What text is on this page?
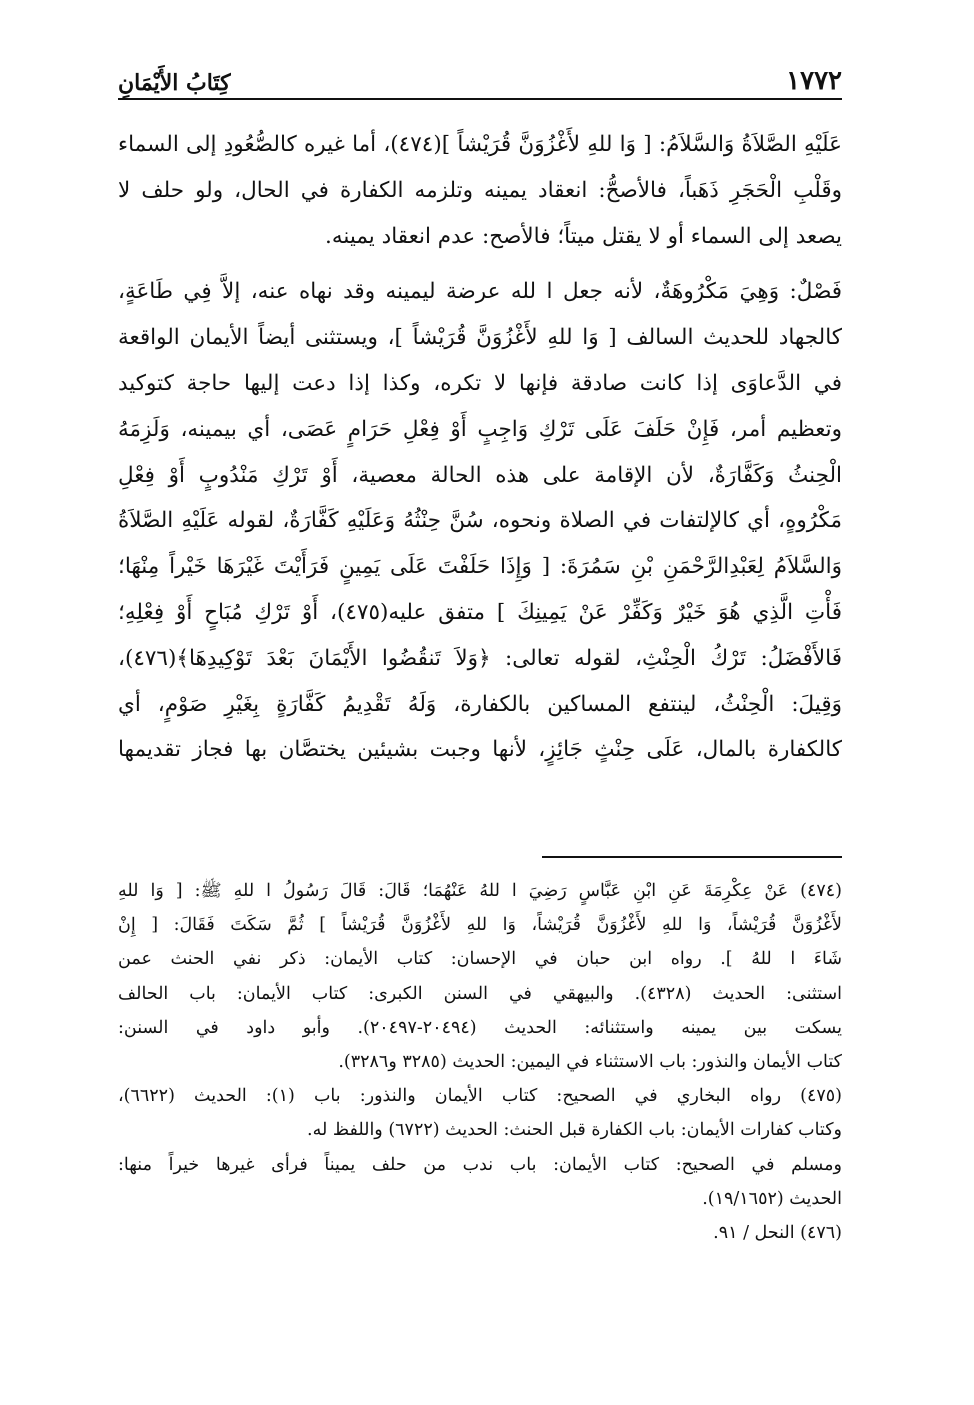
١٧٧٢
كِتَابُ الأَيْمَانِ

عَلَيْهِ الصَّلاَةُ وَالسَّلاَمُ: [ وَا للهِ لأَغْزُوَنَّ قُرَيْشاً ](٤٧٤)، أما غيره كالصُّعُودِ إلى السماء
وقَلْبِ الْحَجَرِ ذَهَباً، فالأصحُّ: انعقاد يمينه وتلزمه الكفارة في الحال، ولو حلف لا
يصعد إلى السماء أو لا يقتل ميتاً؛ فالأصح: عدم انعقاد يمينه.

فَصْلٌ: وَهِيَ مَكْرُوهَةٌ، لأنه جعل ا لله عرضة ليمينه وقد نهاه عنه، إلاَّ فِي طَاعَةٍ،
كالجهاد للحديث السالف [ وَا للهِ لأَغْزُوَنَّ قُرَيْشاً ]، ويستثنى أيضاً الأيمان الواقعة
في الدَّعاوَى إذا كانت صادقة فإنها لا تكره، وكذا إذا دعت إليها حاجة كتوكيد
وتعظيم أمر، فَإِنْ حَلَفَ عَلَى تَرْكِ وَاجِبٍ أَوْ فِعْلِ حَرَامٍ عَصَى، أي بيمينه، وَلَزِمَهُ
الْحِنثُ وَكَفَّارَةٌ، لأن الإقامة على هذه الحالة معصية، أَوْ تَرْكِ مَنْدُوبٍ أَوْ فِعْلِ
مَكْرُوهٍ، أي كالإلتفات في الصلاة ونحوه، سُنَّ حِنْثُهُ وَعَلَيْهِ كَفَّارَةٌ، لقوله عَلَيْهِ الصَّلاَةُ
وَالسَّلاَمُ لِعَبْدِالرَّحْمَنِ بْنِ سَمُرَةَ: [ وَإِذَا حَلَفْتَ عَلَى يَمِينٍ فَرَأَيْتَ غَيْرَهَا خَيْراً مِنْهَا؛
فَأْتِ الَّذِي هُوَ خَيْرٌ وَكَفِّرْ عَنْ يَمِينِكَ ] متفق عليه(٤٧٥)، أَوْ تَرْكِ مُبَاحٍ أَوْ فِعْلِهِ؛
فَالأَفْضَلُ: تَرْكُ الْحِنْثِ، لقوله تعالى: ﴿وَلاَ تَنقُضُوا الأَيْمَانَ بَعْدَ تَوْكِيدِهَا﴾(٤٧٦)،
وَقِيلَ: الْحِنْثُ، لينتفع المساكين بالكفارة، وَلَهُ تَقْدِيمُ كَفَّارَةٍ بِغَيْرِ صَوْمٍ، أي
كالكفارة بالمال، عَلَى حِنْثٍ جَائِزٍ، لأنها وجبت بشيئين يختصَّان بها فجاز تقديمها

(٤٧٤) عَنْ عِكْرِمَةَ عَنِ ابْنِ عَبَّاسٍ رَضِيَ ا للهُ عَنْهُمَا؛ قَالَ: قَالَ رَسُولُ ا للهِ ﷺ: [ وَا للهِ
لأَغْزُوَنَّ قُرَيْشاً، وَا للهِ لأَغْزُوَنَّ قُرَيْشاً، وَا للهِ لأَغْزُوَنَّ قُرَيْشاً ] ثُمَّ سَكَتَ فَقَالَ: [ إِنْ
شَاءَ ا للهُ ]. رواه ابن حبان في الإحسان: كتاب الأيمان: ذكر نفي الحنث عمن
استثنى: الحديث (٤٣٢٨). والبيهقي في السنن الكبرى: كتاب الأيمان: باب الحالف
يسكت بين يمينه واستثنائه: الحديث (٢٠٤٩٤-٢٠٤٩٧). وأبو داود في السنن:
كتاب الأيمان والنذور: باب الاستثناء في اليمين: الحديث (٣٢٨٥ و٣٢٨٦).
(٤٧٥) رواه البخاري في الصحيح: كتاب الأيمان والنذور: باب (١): الحديث (٦٦٢٢)،
وكتاب كفارات الأيمان: باب الكفارة قبل الحنث: الحديث (٦٧٢٢) واللفظ له.
ومسلم في الصحيح: كتاب الأيمان: باب ندب من حلف يميناً فرأى غيرها خيراً منها:
الحديث (١٩/١٦٥٢).
(٤٧٦) النحل / ٩١.
